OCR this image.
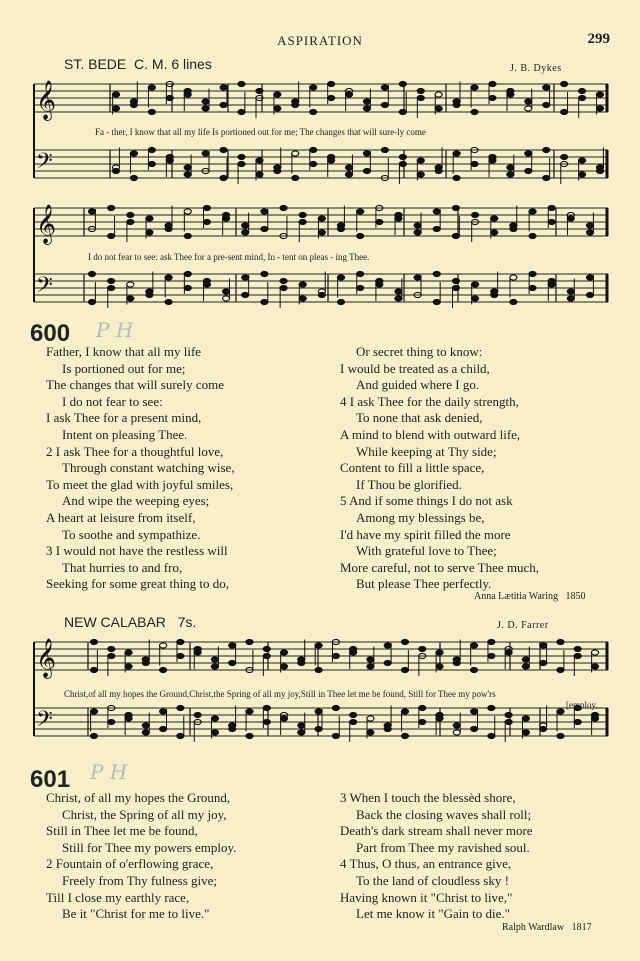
ASPIRATION	299
ST. BEDE C. M. 6 lines	J. B. Dykes
𝄞
𝄢
Fa - ther, I know that all my life Is portioned out for me; The changes that will sure-ly come
𝄞
𝄢
I do not fear to see: ask Thee for a pre-sent mind, In - tent on pleas - ing Thee.
600 P H
Father, I know that all my life
Is portioned out for me;
The changes that will surely come
I do not fear to see:
I ask Thee for a present mind,
Intent on pleasing Thee.
2 I ask Thee for a thoughtful love,
Through constant watching wise,
To meet the glad with joyful smiles,
And wipe the weeping eyes;
A heart at leisure from itself,
To soothe and sympathize.
3 I would not have the restless will
That hurries to and fro,
Seeking for some great thing to do,
Or secret thing to know:
I would be treated as a child,
And guided where I go.
4 I ask Thee for the daily strength,
To none that ask denied,
A mind to blend with outward life,
While keeping at Thy side;
Content to fill a little space,
If Thou be glorified.
5 And if some things I do not ask
Among my blessings be,
I'd have my spirit filled the more
With grateful love to Thee;
More careful, not to serve Thee much,
But please Thee perfectly.
Anna Lætitia Waring 1850
NEW CALABAR 7s.	J. D. Farrer
𝄞
𝄢
Christ,of all my hopes the Ground,Christ,the Spring of all my joy,Still in Thee let me be found, Still for Thee my pow'rs
[employ.
601 P H
Christ, of all my hopes the Ground,
Christ, the Spring of all my joy,
Still in Thee let me be found,
Still for Thee my powers employ.
2 Fountain of o'erflowing grace,
Freely from Thy fulness give;
Till I close my earthly race,
Be it "Christ for me to live."
3 When I touch the blessèd shore,
Back the closing waves shall roll;
Death's dark stream shall never more
Part from Thee my ravished soul.
4 Thus, O thus, an entrance give,
To the land of cloudless sky !
Having known it "Christ to live,"
Let me know it "Gain to die."
Ralph Wardlaw 1817
